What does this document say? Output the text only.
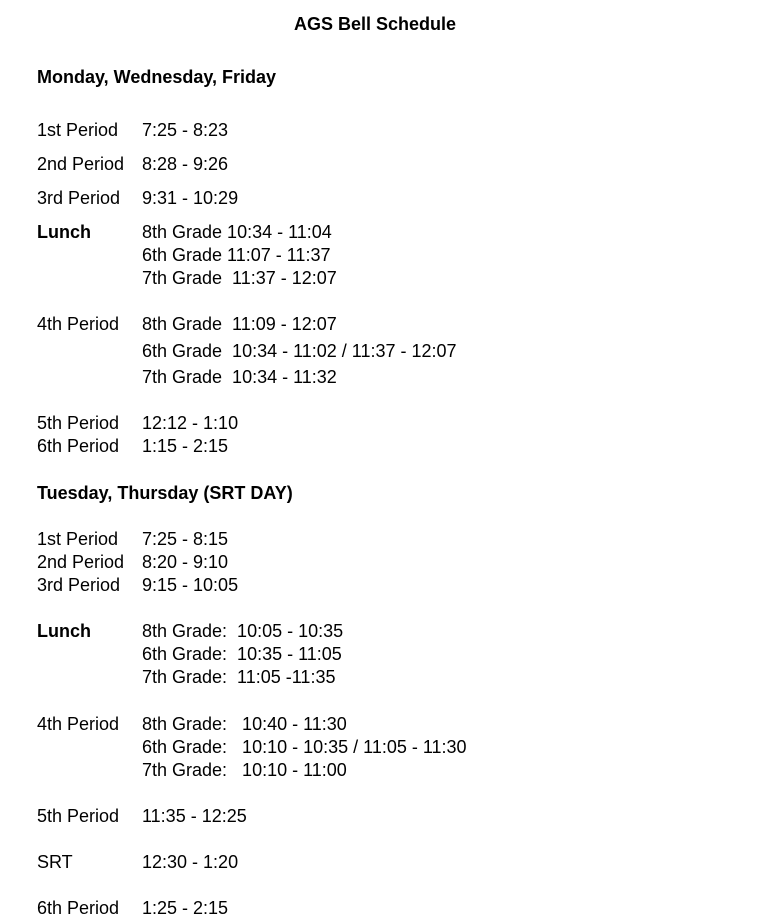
AGS Bell Schedule
Monday, Wednesday, Friday
1st Period 7:25 - 8:23
2nd Period 8:28 - 9:26
3rd Period 9:31 - 10:29
Lunch	8th Grade 10:34 - 11:04
6th Grade 11:07 - 11:37
7th Grade  11:37 - 12:07
4th Period 8th Grade  11:09 - 12:07
6th Grade  10:34 - 11:02 / 11:37 - 12:07
7th Grade  10:34 - 11:32
5th Period 12:12 - 1:10
6th Period 1:15 - 2:15
Tuesday, Thursday (SRT DAY)
1st Period 7:25 - 8:15
2nd Period 8:20 - 9:10
3rd Period 9:15 - 10:05
Lunch	8th Grade:  10:05 - 10:35
6th Grade:  10:35 - 11:05
7th Grade:  11:05 -11:35
4th Period 8th Grade:   10:40 - 11:30
6th Grade:   10:10 - 10:35 / 11:05 - 11:30
7th Grade:   10:10 - 11:00
5th Period 11:35 - 12:25
SRT	12:30 - 1:20
6th Period 1:25 - 2:15
